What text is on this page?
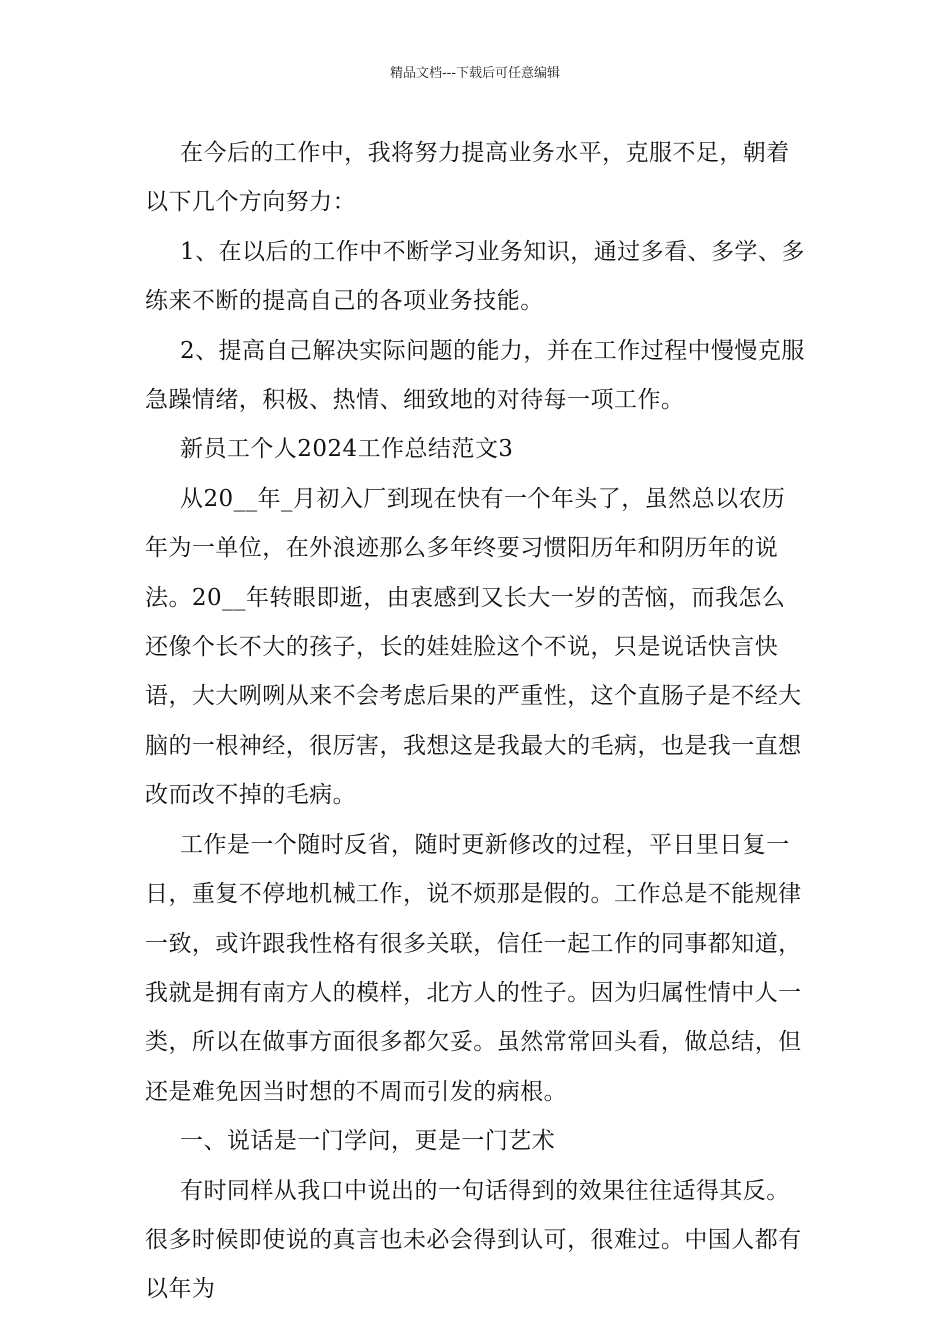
精品文档---下载后可任意编辑

在今后的工作中，我将努力提高业务水平，克服不足，朝着以下几个方向努力：

1、在以后的工作中不断学习业务知识，通过多看、多学、多练来不断的提高自己的各项业务技能。

2、提高自己解决实际问题的能力，并在工作过程中慢慢克服急躁情绪，积极、热情、细致地的对待每一项工作。

新员工个人2024工作总结范文3

从20__年_月初入厂到现在快有一个年头了，虽然总以农历年为一单位，在外浪迹那么多年终要习惯阳历年和阴历年的说法。20__年转眼即逝，由衷感到又长大一岁的苦恼，而我怎么还像个长不大的孩子，长的娃娃脸这个不说，只是说话快言快语，大大咧咧从来不会考虑后果的严重性，这个直肠子是不经大脑的一根神经，很厉害，我想这是我最大的毛病，也是我一直想改而改不掉的毛病。

工作是一个随时反省，随时更新修改的过程，平日里日复一日，重复不停地机械工作，说不烦那是假的。工作总是不能规律一致，或许跟我性格有很多关联，信任一起工作的同事都知道，我就是拥有南方人的模样，北方人的性子。因为归属性情中人一类，所以在做事方面很多都欠妥。虽然常常回头看，做总结，但还是难免因当时想的不周而引发的病根。

一、说话是一门学问，更是一门艺术

有时同样从我口中说出的一句话得到的效果往往适得其反。很多时候即使说的真言也未必会得到认可，很难过。中国人都有以年为
